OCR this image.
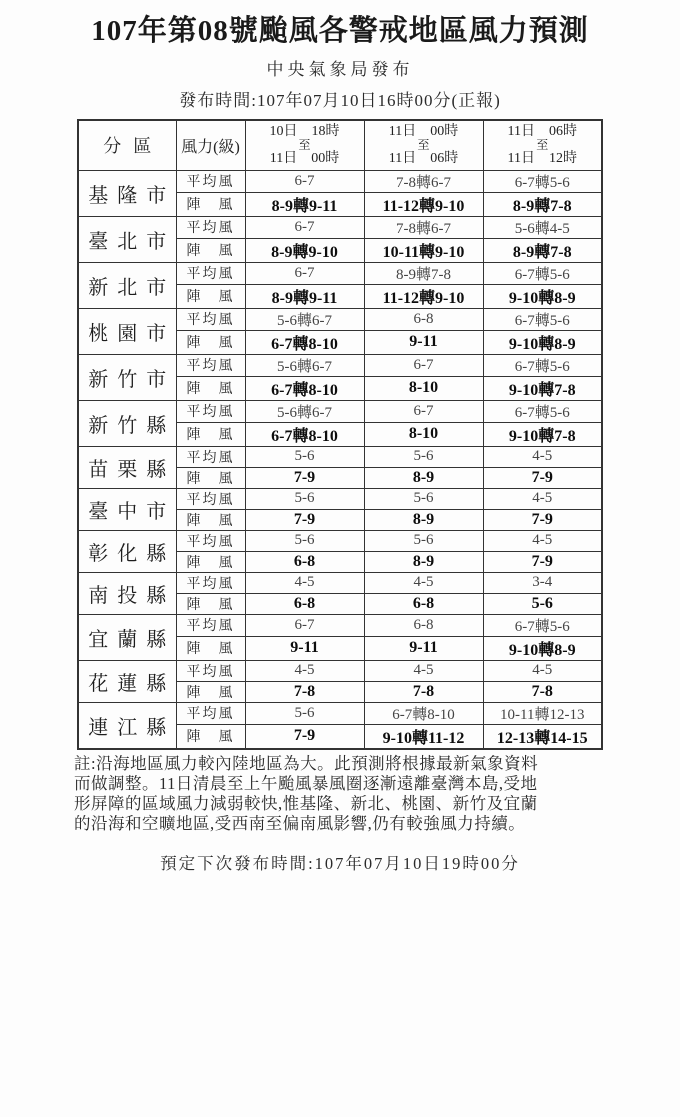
107年第08號颱風各警戒地區風力預測
中央氣象局發布
發布時間:107年07月10日16時00分(正報)
分區	風力(級)	
10日　18時
至
11日　00時

11日　00時
至
11日　06時

11日　06時
至
11日　12時

基隆市	平均風	6-7	7-8轉6-7	6-7轉5-6
	陣　風	8-9轉9-11	11-12轉9-10	8-9轉7-8
臺北市	平均風	6-7	7-8轉6-7	5-6轉4-5
	陣　風	8-9轉9-10	10-11轉9-10	8-9轉7-8
新北市	平均風	6-7	8-9轉7-8	6-7轉5-6
	陣　風	8-9轉9-11	11-12轉9-10	9-10轉8-9
桃園市	平均風	5-6轉6-7	6-8	6-7轉5-6
	陣　風	6-7轉8-10	9-11	9-10轉8-9
新竹市	平均風	5-6轉6-7	6-7	6-7轉5-6
	陣　風	6-7轉8-10	8-10	9-10轉7-8
新竹縣	平均風	5-6轉6-7	6-7	6-7轉5-6
	陣　風	6-7轉8-10	8-10	9-10轉7-8
苗栗縣	平均風	5-6	5-6	4-5
	陣　風	7-9	8-9	7-9
臺中市	平均風	5-6	5-6	4-5
	陣　風	7-9	8-9	7-9
彰化縣	平均風	5-6	5-6	4-5
	陣　風	6-8	8-9	7-9
南投縣	平均風	4-5	4-5	3-4
	陣　風	6-8	6-8	5-6
宜蘭縣	平均風	6-7	6-8	6-7轉5-6
	陣　風	9-11	9-11	9-10轉8-9
花蓮縣	平均風	4-5	4-5	4-5
	陣　風	7-8	7-8	7-8
連江縣	平均風	5-6	6-7轉8-10	10-11轉12-13
	陣　風	7-9	9-10轉11-12	12-13轉14-15
註:沿海地區風力較內陸地區為大。此預測將根據最新氣象資料
而做調整。11日清晨至上午颱風暴風圈逐漸遠離臺灣本島,受地
形屏障的區域風力減弱較快,惟基隆、新北、桃園、新竹及宜蘭
的沿海和空曠地區,受西南至偏南風影響,仍有較強風力持續。
預定下次發布時間:107年07月10日19時00分
